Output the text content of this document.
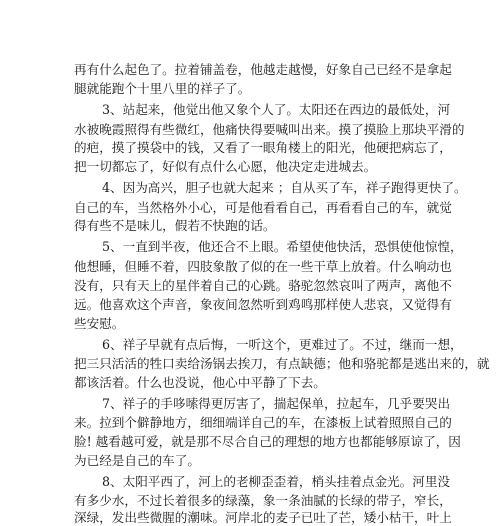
再有什么起色了。拉着铺盖卷，他越走越慢，好象自己已经不是拿起
腿就能跑个十里八里的祥子了。
3、站起来，他觉出他又象个人了。太阳还在西边的最低处，河
水被晚霞照得有些微红，他痛快得要喊叫出来。摸了摸脸上那块平滑的
的疤，摸了摸袋中的钱，又看了一眼角楼上的阳光，他硬把病忘了，
把一切都忘了，好似有点什么心愿，他决定走进城去。
4、因为高兴，胆子也就大起来 ；自从买了车，祥子跑得更快了。
自己的车，当然格外小心，可是他看看自己，再看看自己的车，就觉
得有些不是味儿，假若不快跑的话。
5、一直到半夜，他还合不上眼。希望使他快活，恐惧使他惊惶，
他想睡，但睡不着，四肢象散了似的在一些干草上放着。什么响动也
没有，只有天上的星伴着自己的心跳。骆驼忽然哀叫了两声，离他不
远。他喜欢这个声音，象夜间忽然听到鸡鸣那样使人悲哀，又觉得有
些安慰。
6、祥子早就有点后悔，一听这个，更难过了。不过，继而一想，
把三只活活的牲口卖给汤锅去挨刀，有点缺德；他和骆驼都是逃出来的，就
都该活着。什么也没说，他心中平静了下去。
7、祥子的手哆嗦得更厉害了，揣起保单，拉起车，几乎要哭出
来。拉到个僻静地方，细细端详自己的车，在漆板上试着照照自己的
脸! 越看越可爱，就是那不尽合自己的理想的地方也都能够原谅了，因
为已经是自己的车了。
8、太阳平西了，河上的老柳歪歪着，梢头挂着点金光。河里没
有多少水，不过长着很多的绿藻，象一条油腻的长绿的带子，窄长，
深绿，发出些微腥的潮味。河岸北的麦子已吐了芒，矮小枯干，叶上
